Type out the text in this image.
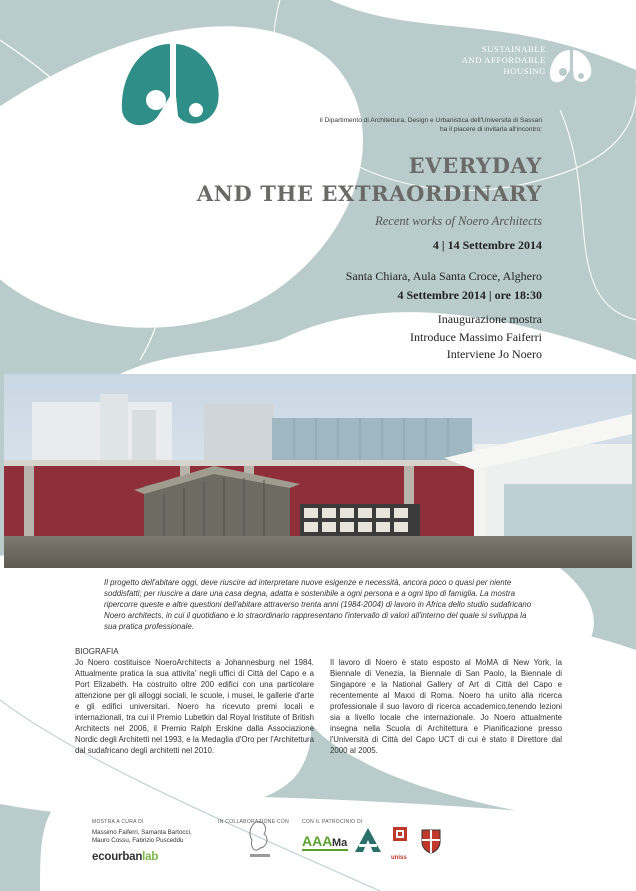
SUSTAINABLE
AND AFFORDABLE
HOUSING
il Dipartimento di Architettura, Design e Urbanistica dell'Università di Sassari
ha il piacere di invitarla all'incontro:
EVERYDAY
AND THE EXTRAORDINARY
Recent works of Noero Architects
4 | 14 Settembre 2014
Santa Chiara, Aula Santa Croce, Alghero
4 Settembre 2014 | ore 18:30
Inaugurazione mostra
Introduce Massimo Faiferri
Interviene Jo Noero
Il progetto dell'abitare oggi, deve riuscire ad interpretare nuove esigenze e necessità, ancora poco o quasi per niente soddisfatti; per riuscire a dare una casa degna, adatta e sostenibile a ogni persona e a ogni tipo di famiglia. La mostra ripercorre queste e altre questioni dell'abitare attraverso trenta anni (1984-2004) di lavoro in Africa dello studio sudafricano Noero architects, in cui il quotidiano e lo straordinario rappresentano l'intervallo di valori all'interno del quale si sviluppa la sua pratica professionale.
BIOGRAFIA
Jo Noero costituisce NoeroArchitects a Johannesburg nel 1984. Attualmente pratica la sua attivita' negli uffici di Città del Capo e a Port Elizabeth. Ha costruito oltre 200 edifici con una particolare attenzione per gli alloggi sociali, le scuole, i musei, le gallerie d'arte e gli edifici universitari. Noero ha ricevuto premi locali e internazionali, tra cui il Premio Lubetkin dal Royal Institute of British Architects nel 2006, il Premio Ralph Erskine dalla Associazione Nordic degli Architetti nel 1993, e la Medaglia d'Oro per l'Architettura dal sudafricano degli architetti nel 2010.
Il lavoro di Noero è stato esposto al MoMA di New York, la Biennale di Venezia, la Biennale di San Paolo, la Biennale di Singapore e la National Gallery of Art di Città del Capo e recentemente al Maxxi di Roma. Noero ha unito alla ricerca professionale il suo lavoro di ricerca accademico,tenendo lezioni sia a livello locale che internazionale. Jo Noero attualmente insegna nella Scuola di Architettura e Pianificazione presso l'Università di Città del Capo UCT di cui è stato il Direttore dal 2000 al 2005.
MOSTRA A CURA DI
Massimo Faiferri, Samanta Bartocci,
Mauro Cossu, Fabrizio Pusceddu
ecourbanlab
IN COLLABORAZIONE CON	CON IL PATROCINIO DI
AAA Ma
uniss
